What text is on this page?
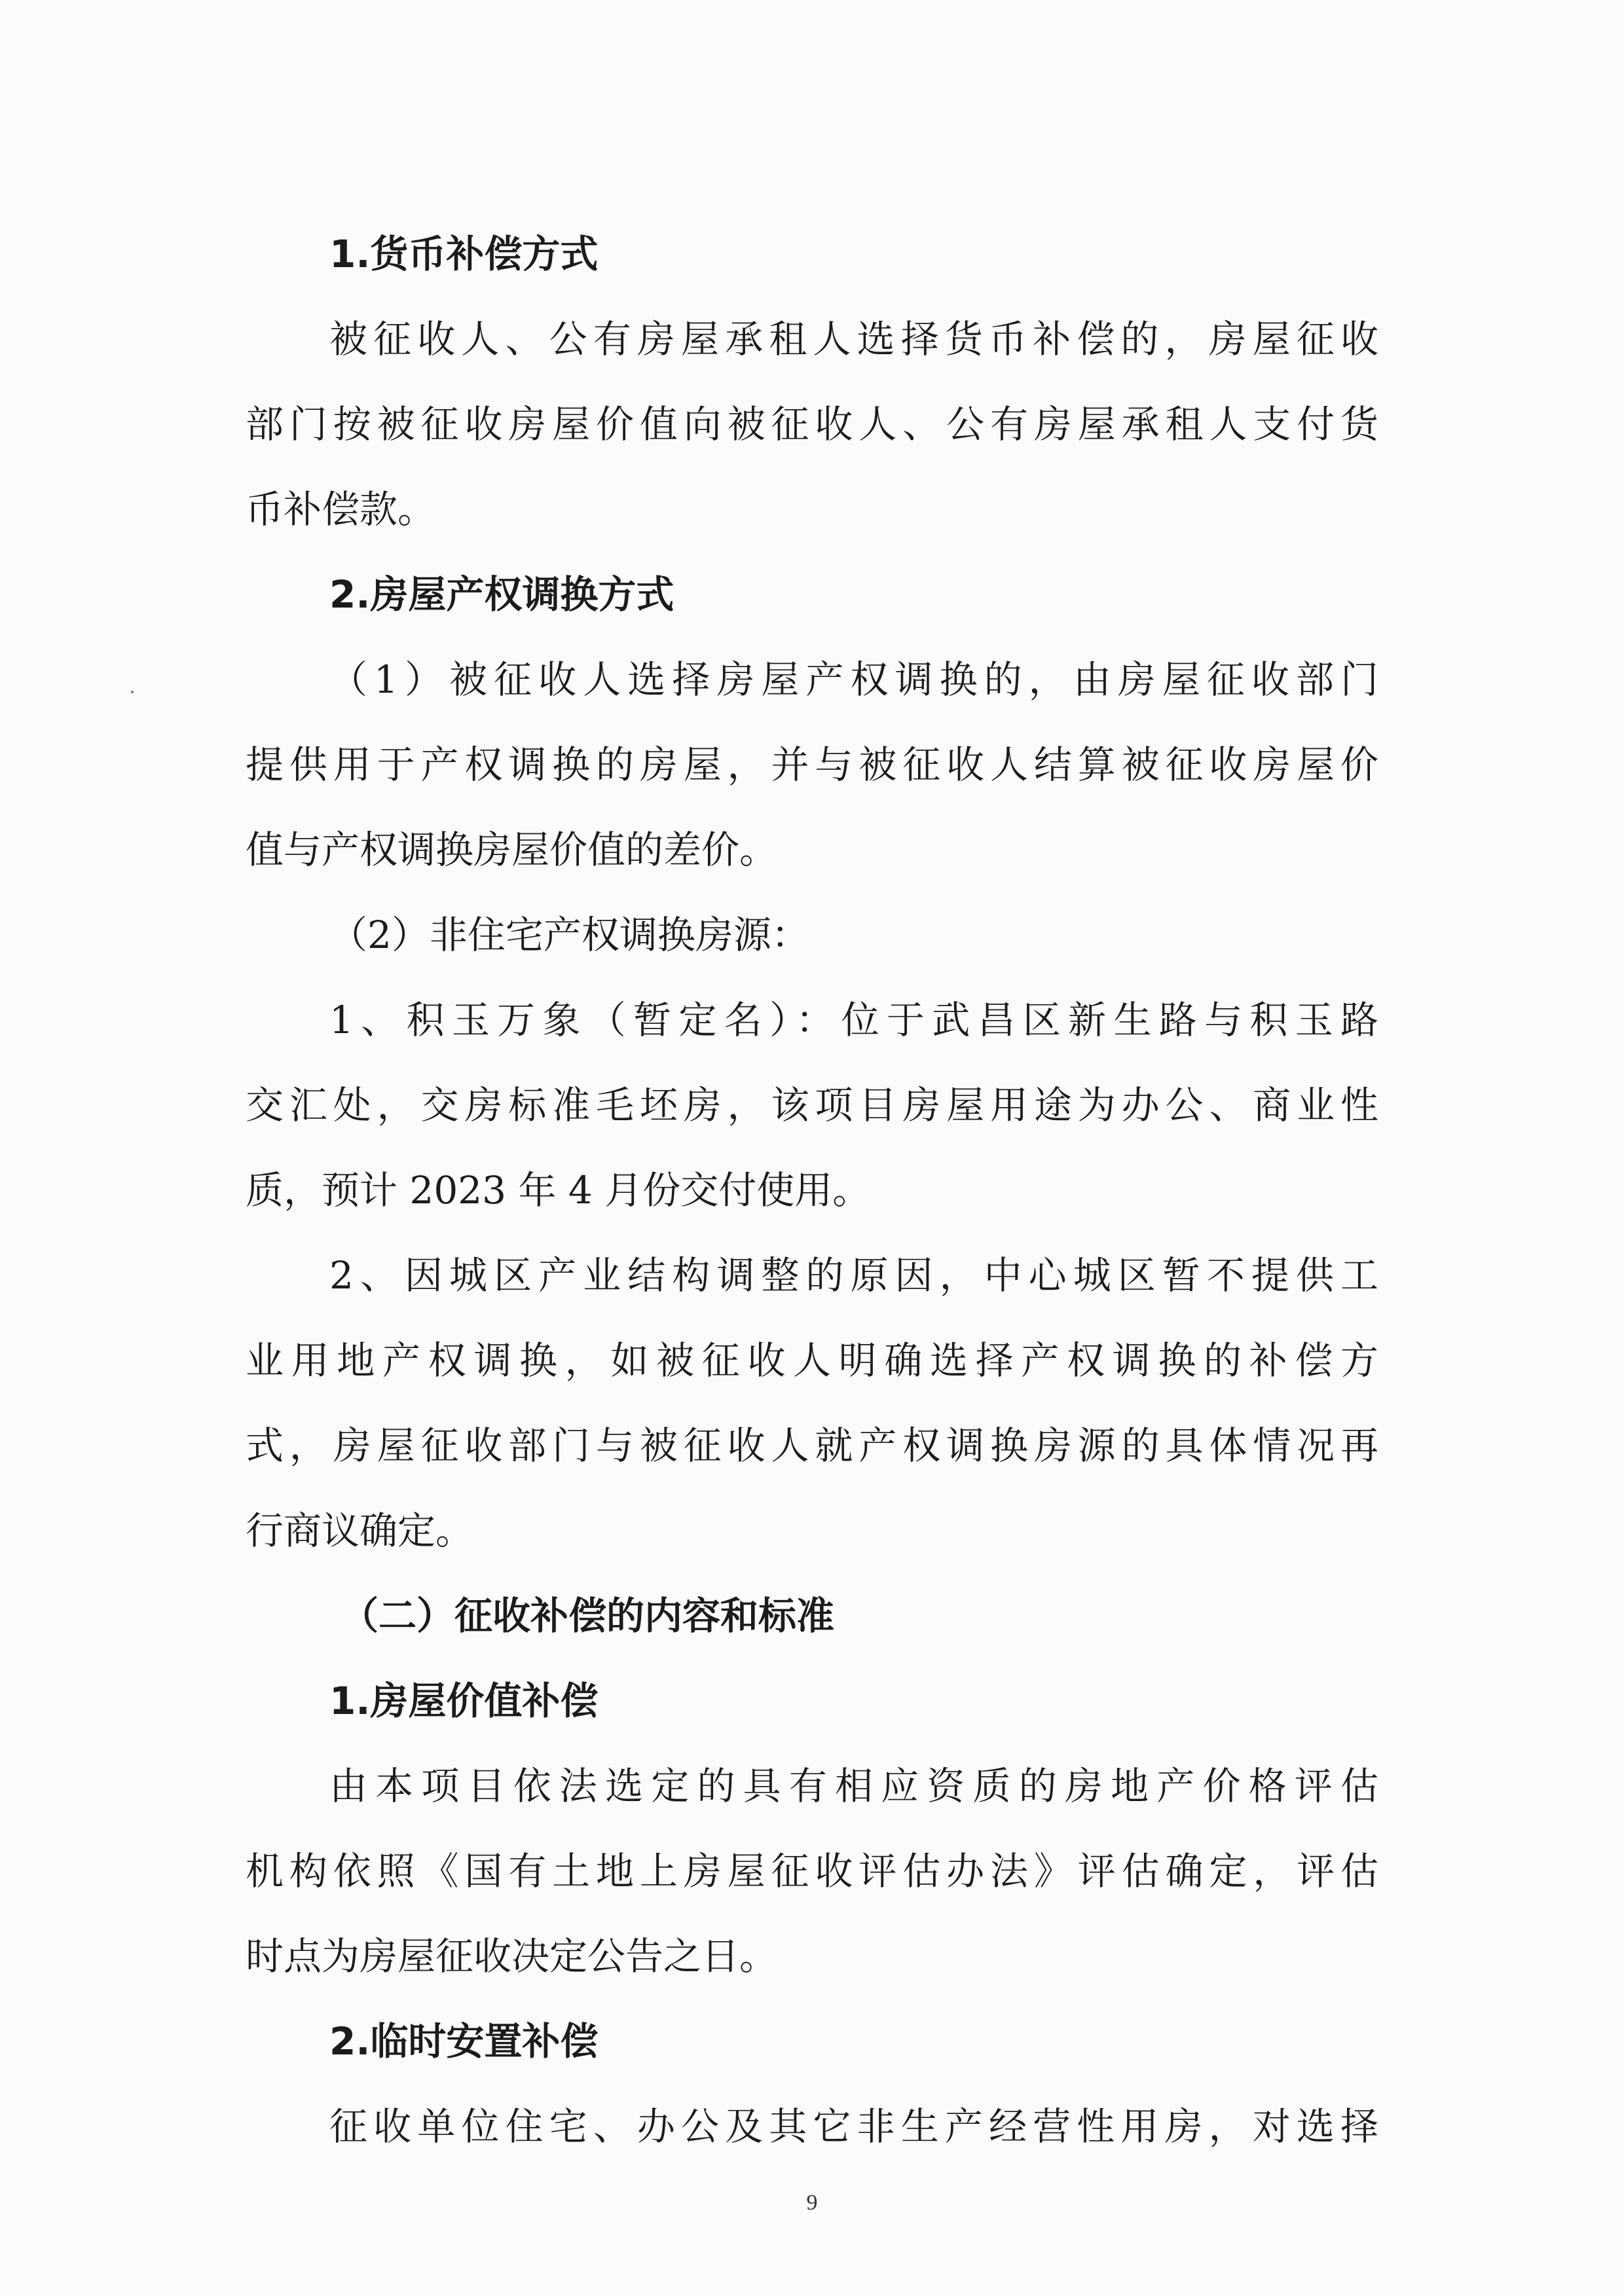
1.货币补偿方式
被征收人、公有房屋承租人选择货币补偿的，房屋征收
部门按被征收房屋价值向被征收人、公有房屋承租人支付货
币补偿款。
2.房屋产权调换方式
（1）被征收人选择房屋产权调换的，由房屋征收部门
提供用于产权调换的房屋，并与被征收人结算被征收房屋价
值与产权调换房屋价值的差价。
（2）非住宅产权调换房源：
1、积玉万象（暂定名）：位于武昌区新生路与积玉路
交汇处，交房标准毛坯房，该项目房屋用途为办公、商业性
质，预计 2023 年 4 月份交付使用。
2、因城区产业结构调整的原因，中心城区暂不提供工
业用地产权调换，如被征收人明确选择产权调换的补偿方
式，房屋征收部门与被征收人就产权调换房源的具体情况再
行商议确定。
（二）征收补偿的内容和标准
1.房屋价值补偿
由本项目依法选定的具有相应资质的房地产价格评估
机构依照《国有土地上房屋征收评估办法》评估确定，评估
时点为房屋征收决定公告之日。
2.临时安置补偿
征收单位住宅、办公及其它非生产经营性用房，对选择
9
